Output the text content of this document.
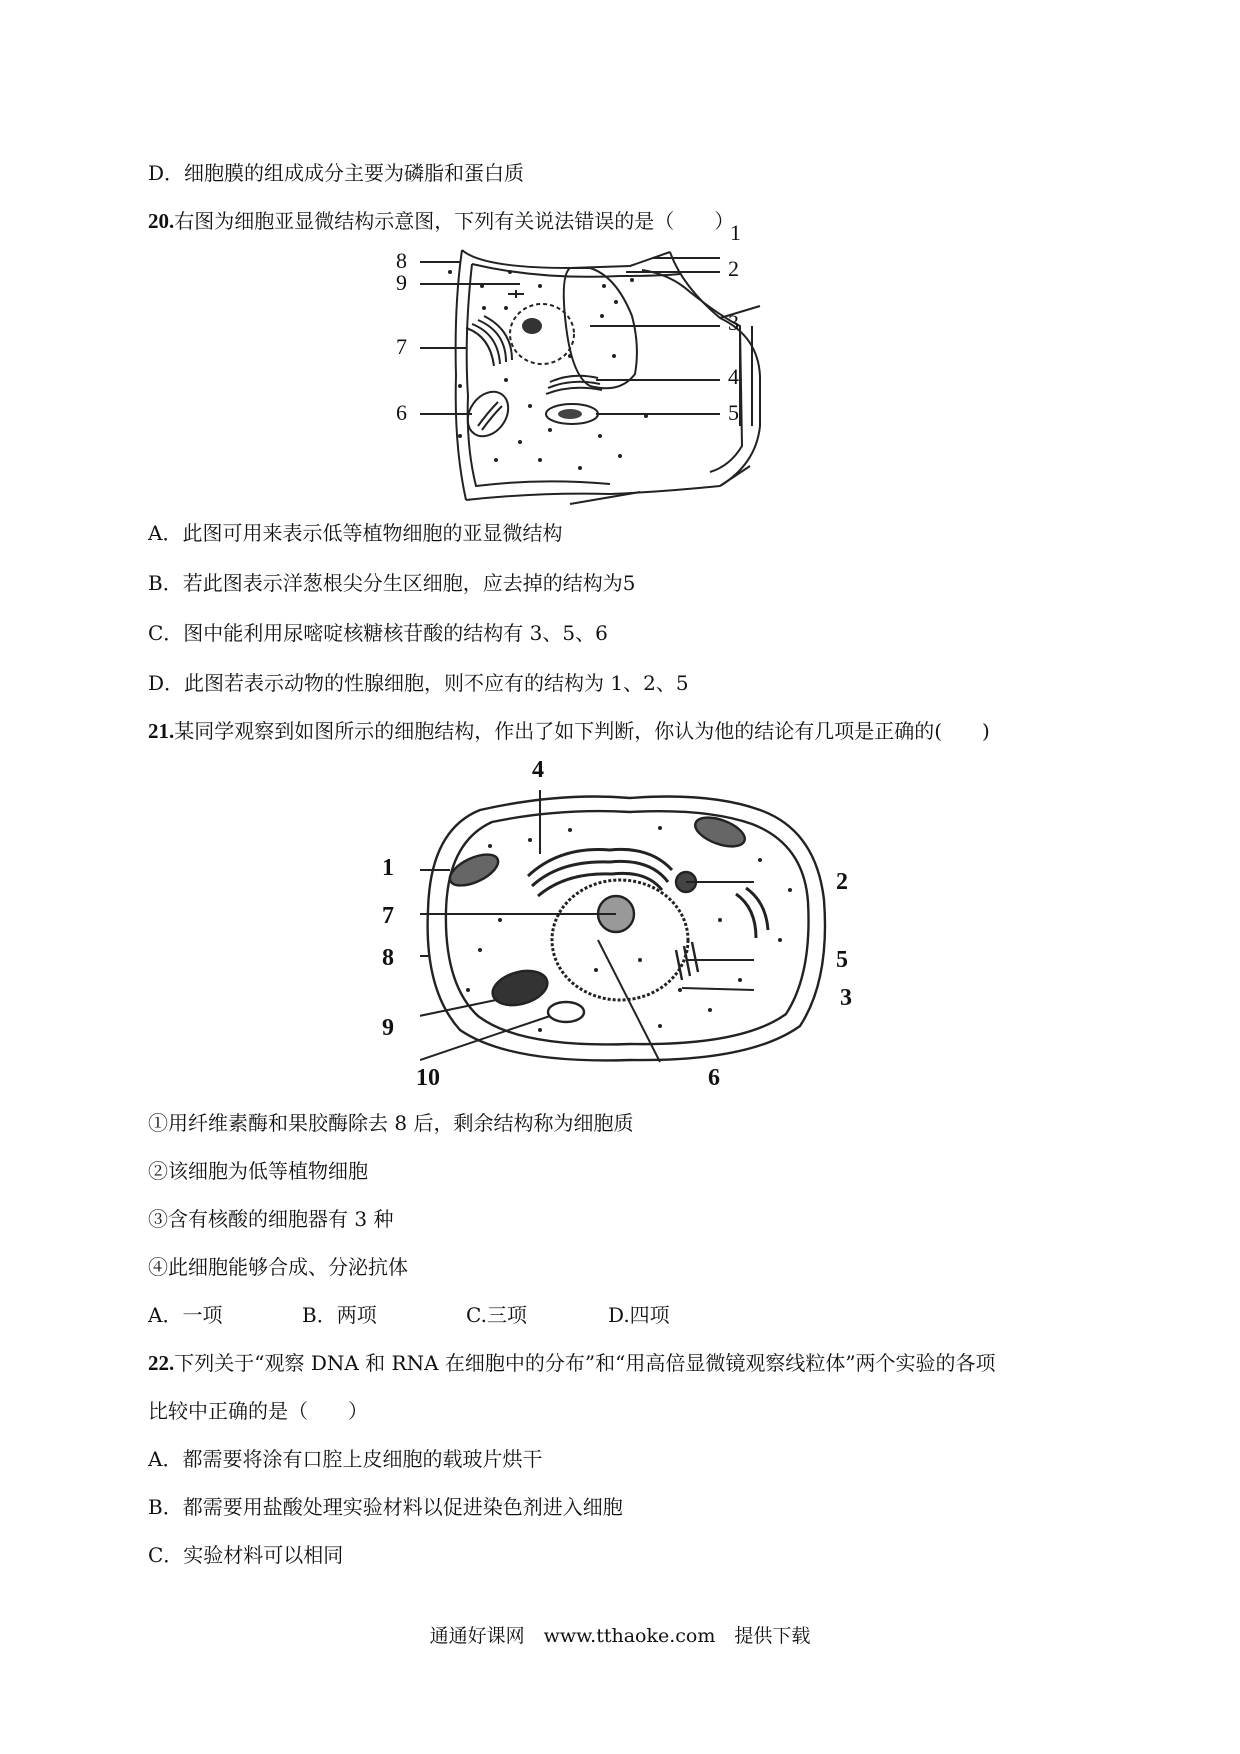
D．细胞膜的组成成分主要为磷脂和蛋白质
20.右图为细胞亚显微结构示意图，下列有关说法错误的是（　　）
1
2
3
4
5
6
7
8
9
A．此图可用来表示低等植物细胞的亚显微结构
B．若此图表示洋葱根尖分生区细胞，应去掉的结构为5
C．图中能利用尿嘧啶核糖核苷酸的结构有 3、5、6
D．此图若表示动物的性腺细胞，则不应有的结构为 1、2、5
21.某同学观察到如图所示的细胞结构，作出了如下判断，你认为他的结论有几项是正确的(　　)
4
1
2
7
8	5
3
9
10	6
①用纤维素酶和果胶酶除去 8 后，剩余结构称为细胞质
②该细胞为低等植物细胞
③含有核酸的细胞器有 3 种
④此细胞能够合成、分泌抗体
A．一项	B．两项	C.三项	D.四项
22.下列关于“观察 DNA 和 RNA 在细胞中的分布”和“用高倍显微镜观察线粒体”两个实验的各项
比较中正确的是（　　）
A．都需要将涂有口腔上皮细胞的载玻片烘干
B．都需要用盐酸处理实验材料以促进染色剂进入细胞
C．实验材料可以相同
通通好课网　www.tthaoke.com　提供下载
